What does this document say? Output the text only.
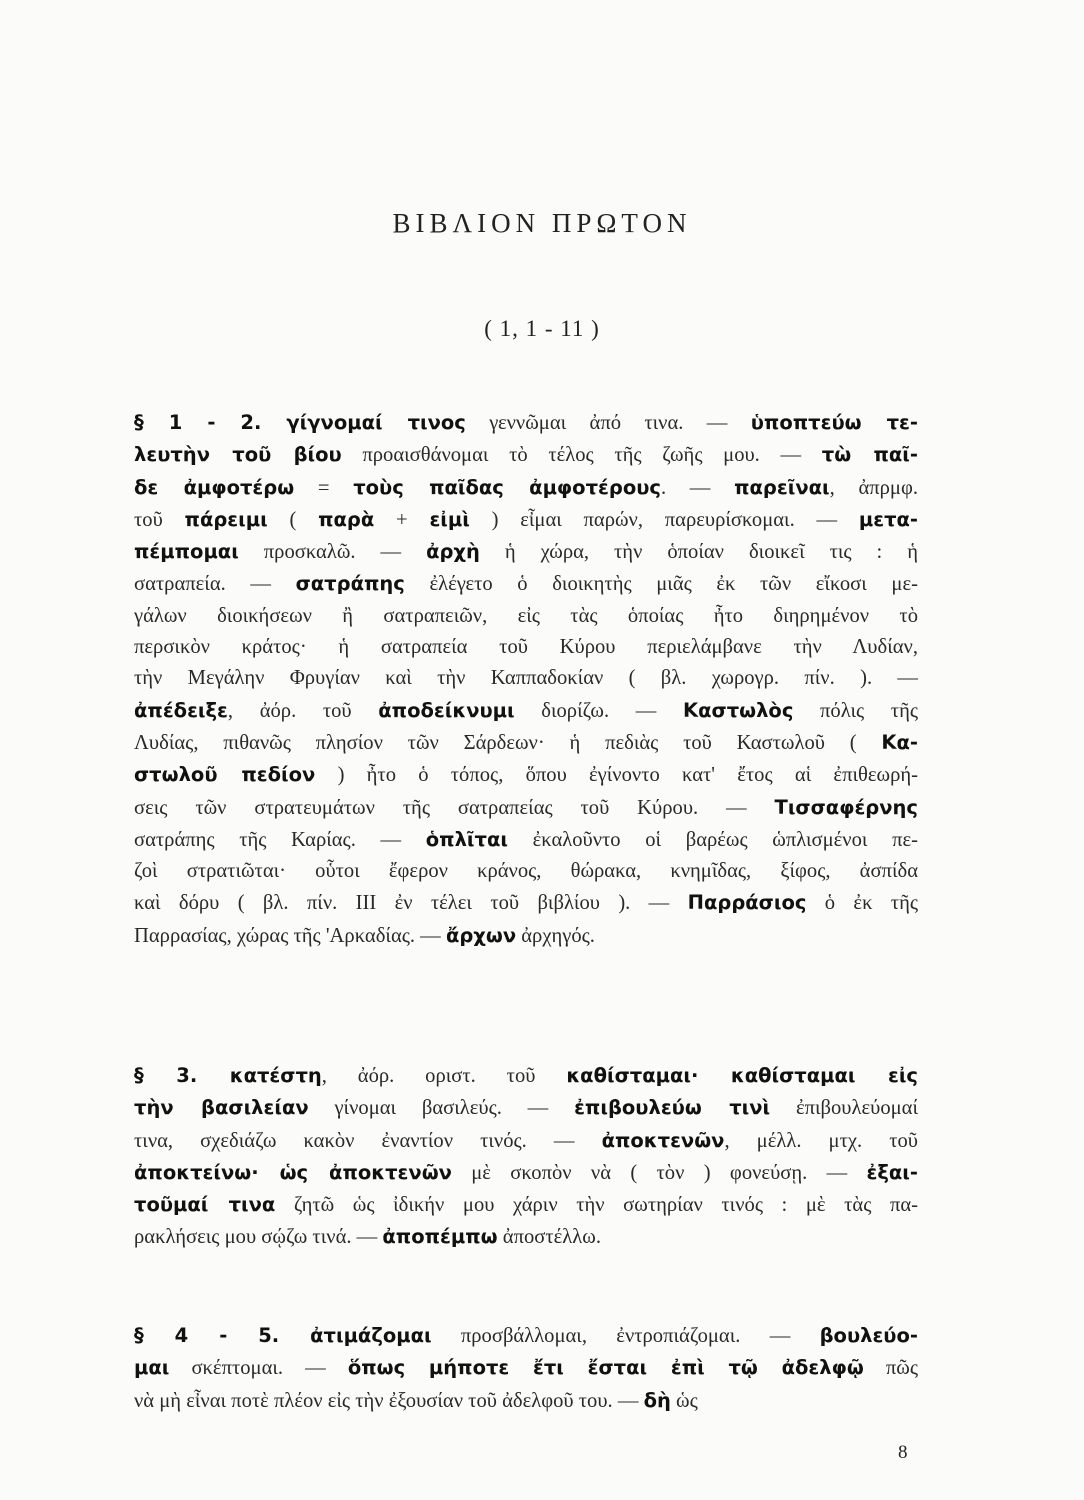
ΒΙΒΛΙΟΝ ΠΡΩΤΟΝ
( 1, 1 - 11 )
§ 1 - 2. γίγνομαί τινος γεννῶμαι ἀπό τινα. — ὑποπτεύω τε-
λευτὴν τοῦ βίου προαισθάνομαι τὸ τέλος τῆς ζωῆς μου. — τὼ παῖ-
δε ἀμφοτέρω = τοὺς παῖδας ἀμφοτέρους. — παρεῖναι, ἀπρμφ.
τοῦ πάρειμι ( παρὰ + εἰμὶ ) εἶμαι παρών, παρευρίσκομαι. — μετα-
πέμπομαι προσκαλῶ. — ἀρχὴ ἡ χώρα, τὴν ὁποίαν διοικεῖ τις : ἡ
σατραπεία. — σατράπης ἐλέγετο ὁ διοικητὴς μιᾶς ἐκ τῶν εἴκοσι με-
γάλων διοικήσεων ἢ σατραπειῶν, εἰς τὰς ὁποίας ἦτο διηρημένον τὸ
περσικὸν κράτος· ἡ σατραπεία τοῦ Κύρου περιελάμβανε τὴν Λυδίαν,
τὴν Μεγάλην Φρυγίαν καὶ τὴν Καππαδοκίαν ( βλ. χωρογρ. πίν. ). —
ἀπέδειξε, ἀόρ. τοῦ ἀποδείκνυμι διορίζω. — Καστωλὸς πόλις τῆς
Λυδίας, πιθανῶς πλησίον τῶν Σάρδεων· ἡ πεδιὰς τοῦ Καστωλοῦ ( Κα-
στωλοῦ πεδίον ) ἦτο ὁ τόπος, ὅπου ἐγίνοντο κατ' ἔτος αἱ ἐπιθεωρή-
σεις τῶν στρατευμάτων τῆς σατραπείας τοῦ Κύρου. — Τισσαφέρνης
σατράπης τῆς Καρίας. — ὁπλῖται ἐκαλοῦντο οἱ βαρέως ὡπλισμένοι πε-
ζοὶ στρατιῶται· οὗτοι ἔφερον κράνος, θώρακα, κνημῖδας, ξίφος, ἀσπίδα
καὶ δόρυ ( βλ. πίν. III ἐν τέλει τοῦ βιβλίου ). — Παρράσιος ὁ ἐκ τῆς
Παρρασίας, χώρας τῆς 'Αρκαδίας. — ἄρχων ἀρχηγός.
§ 3. κατέστη, ἀόρ. οριστ. τοῦ καθίσταμαι· καθίσταμαι εἰς
τὴν βασιλείαν γίνομαι βασιλεύς. — ἐπιβουλεύω τινὶ ἐπιβουλεύομαί
τινα, σχεδιάζω κακὸν ἐναντίον τινός. — ἀποκτενῶν, μέλλ. μτχ. τοῦ
ἀποκτείνω· ὡς ἀποκτενῶν μὲ σκοπὸν νὰ ( τὸν ) φονεύσῃ. — ἐξαι-
τοῦμαί τινα ζητῶ ὡς ἰδικήν μου χάριν τὴν σωτηρίαν τινός : μὲ τὰς πα-
ρακλήσεις μου σῴζω τινά. — ἀποπέμπω ἀποστέλλω.
§ 4 - 5. ἀτιμάζομαι προσβάλλομαι, ἐντροπιάζομαι. — βουλεύο-
μαι σκέπτομαι. — ὅπως μήποτε ἔτι ἔσται ἐπὶ τῷ ἀδελφῷ πῶς
νὰ μὴ εἶναι ποτὲ πλέον εἰς τὴν ἐξουσίαν τοῦ ἀδελφοῦ του. — δὴ ὡς
8
